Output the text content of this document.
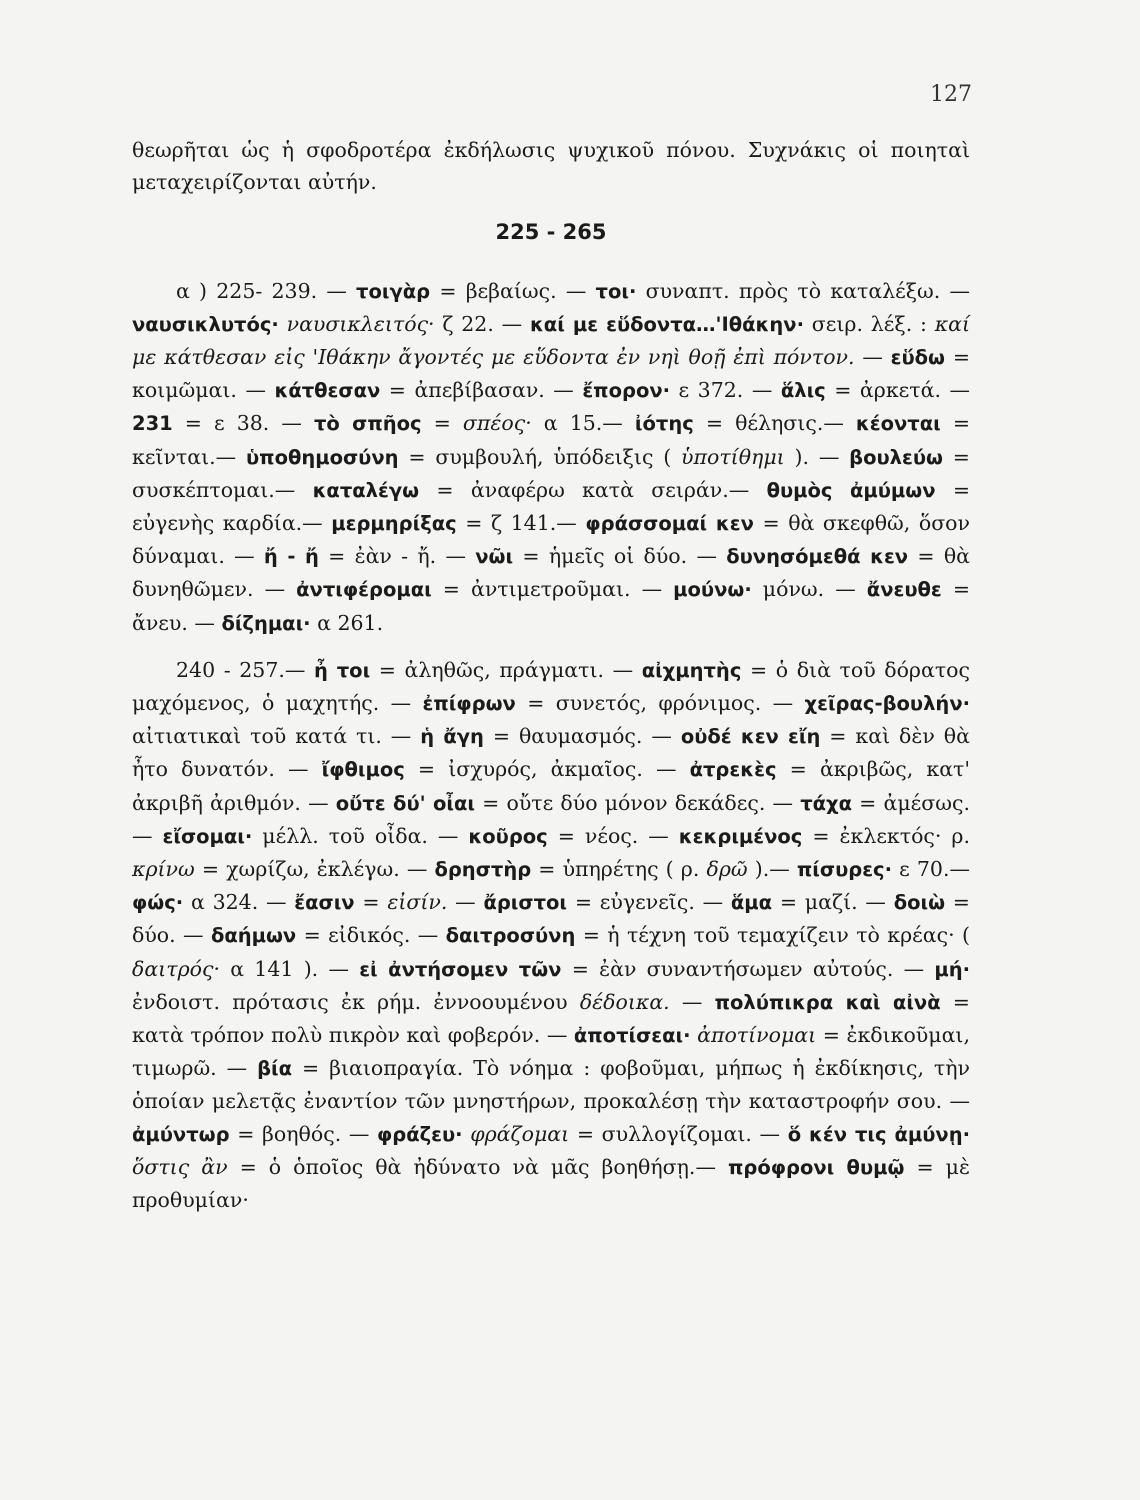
127

θεωρῆται ὡς ἡ σφοδροτέρα ἐκδήλωσις ψυχικοῦ πόνου. Συχνάκις οἱ ποιηταὶ μεταχειρίζονται αὐτήν.

225 - 265

α ) 225- 239. — τοιγὰρ = βεβαίως. — τοι· συναπτ. πρὸς τὸ καταλέξω. — ναυσικλυτός· ναυσικλειτός· ζ 22. — καί με εὕδοντα…'Ιθάκην· σειρ. λέξ. : καί με κάτθεσαν εἰς 'Ιθάκην ἄγοντές με εὕδοντα ἐν νηὶ θοῇ ἐπὶ πόντον. — εὕδω = κοιμῶμαι. — κάτθεσαν = ἀπεβίβασαν. — ἔπορον· ε 372. — ἅλις = ἀρκετά. — 231 = ε 38. — τὸ σπῆος = σπέος· α 15.— ἰότης = θέλησις.— κέονται = κεῖνται.— ὑποθημοσύνη = συμβουλή, ὑπόδειξις ( ὑποτίθημι ). — βουλεύω = συσκέπτομαι.— καταλέγω = ἀναφέρω κατὰ σειράν.— θυμὸς ἀμύμων = εὐγενὴς καρδία.— μερμηρίξας = ζ 141.— φράσσομαί κεν = θὰ σκεφθῶ, ὅσον δύναμαι. — ἤ - ἤ = ἐὰν - ἤ. — νῶι = ἡμεῖς οἱ δύο. — δυνησόμεθά κεν = θὰ δυνηθῶμεν. — ἀντιφέρομαι = ἀντιμετροῦμαι. — μούνω· μόνω. — ἄνευθε = ἄνευ. — δίζημαι· α 261.

240 - 257.— ἦ τοι = ἀληθῶς, πράγματι. — αἰχμητὴς = ὁ διὰ τοῦ δόρατος μαχόμενος, ὁ μαχητής. — ἐπίφρων = συνετός, φρόνιμος. — χεῖρας-βουλήν· αἰτιατικαὶ τοῦ κατά τι. — ἡ ἄγη = θαυμασμός. — οὐδέ κεν εἴη = καὶ δὲν θὰ ἦτο δυνατόν. — ἴφθιμος = ἰσχυρός, ἀκμαῖος. — ἀτρεκὲς = ἀκριβῶς, κατ' ἀκριβῆ ἀριθμόν. — οὔτε δύ' οἶαι = οὔτε δύο μόνον δεκάδες. — τάχα = ἀμέσως. — εἴσομαι· μέλλ. τοῦ οἶδα. — κοῦρος = νέος. — κεκριμένος = ἐκλεκτός· ρ. κρίνω = χωρίζω, ἐκλέγω. — δρηστὴρ = ὑπηρέτης ( ρ. δρῶ ).— πίσυρες· ε 70.— φώς· α 324. — ἔασιν = εἰσίν. — ἄριστοι = εὐγενεῖς. — ἅμα = μαζί. — δοιὼ = δύο. — δαήμων = εἰδικός. — δαιτροσύνη = ἡ τέχνη τοῦ τεμαχίζειν τὸ κρέας· ( δαιτρός· α 141 ). — εἰ ἀντήσομεν τῶν = ἐὰν συναντήσωμεν αὐτούς. — μή· ἐνδοιστ. πρότασις ἐκ ρήμ. ἐννοουμένου δέδοικα. — πολύπικρα καὶ αἰνὰ = κατὰ τρόπον πολὺ πικρὸν καὶ φοβερόν. — ἀποτίσεαι· ἀποτίνομαι = ἐκδικοῦμαι, τιμωρῶ. — βία = βιαιοπραγία. Τὸ νόημα : φοβοῦμαι, μήπως ἡ ἐκδίκησις, τὴν ὁποίαν μελετᾷς ἐναντίον τῶν μνηστήρων, προκαλέσῃ τὴν καταστροφήν σου. — ἀμύντωρ = βοηθός. — φράζευ· φράζομαι = συλλογίζομαι. — ὅ κέν τις ἀμύνῃ· ὅστις ἂν = ὁ ὁποῖος θὰ ἠδύνατο νὰ μᾶς βοηθήσῃ.— πρόφρονι θυμῷ = μὲ προθυμίαν·
